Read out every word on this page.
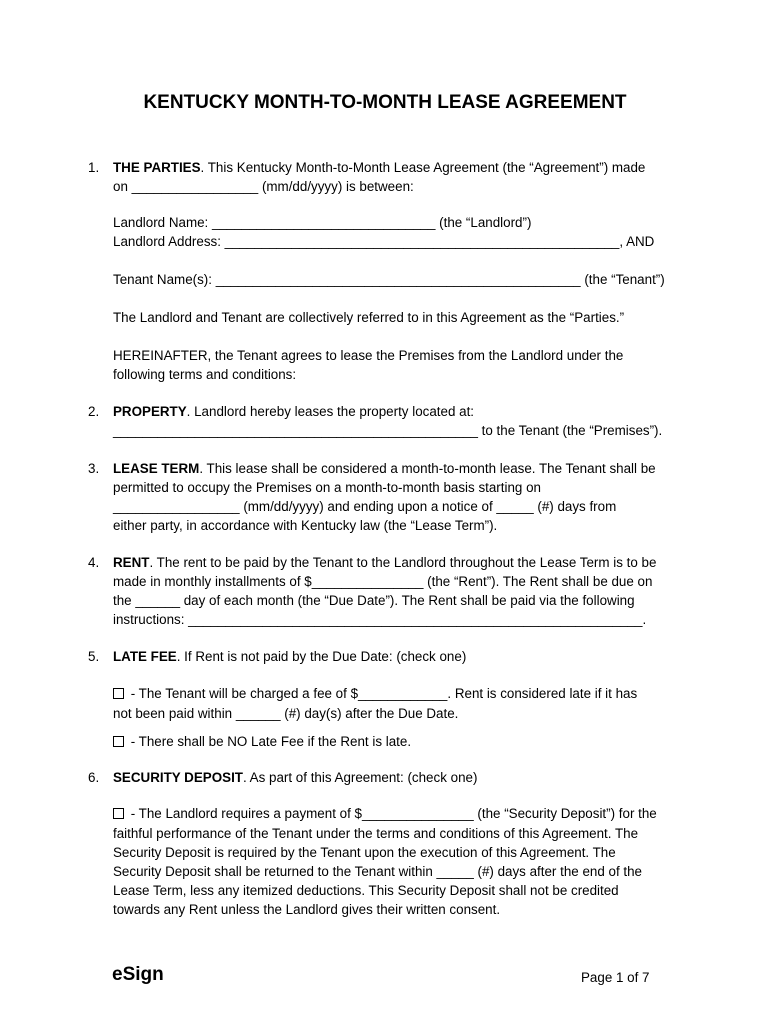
KENTUCKY MONTH-TO-MONTH LEASE AGREEMENT
1. THE PARTIES. This Kentucky Month-to-Month Lease Agreement (the “Agreement”) made
on _________________ (mm/dd/yyyy) is between:
Landlord Name: ______________________________ (the “Landlord”)
Landlord Address: _____________________________________________________, AND
Tenant Name(s): _________________________________________________ (the “Tenant”)
The Landlord and Tenant are collectively referred to in this Agreement as the “Parties.”
HEREINAFTER, the Tenant agrees to lease the Premises from the Landlord under the
following terms and conditions:
2. PROPERTY. Landlord hereby leases the property located at:
_________________________________________________ to the Tenant (the “Premises”).
3. LEASE TERM. This lease shall be considered a month-to-month lease. The Tenant shall be
permitted to occupy the Premises on a month-to-month basis starting on
_________________ (mm/dd/yyyy) and ending upon a notice of _____ (#) days from
either party, in accordance with Kentucky law (the “Lease Term”).
4. RENT. The rent to be paid by the Tenant to the Landlord throughout the Lease Term is to be
made in monthly installments of $_______________ (the “Rent”). The Rent shall be due on
the ______ day of each month (the “Due Date”). The Rent shall be paid via the following
instructions: _____________________________________________________________.
5. LATE FEE. If Rent is not paid by the Due Date: (check one)
- The Tenant will be charged a fee of $____________. Rent is considered late if it has
not been paid within ______ (#) day(s) after the Due Date.
- There shall be NO Late Fee if the Rent is late.
6. SECURITY DEPOSIT. As part of this Agreement: (check one)
- The Landlord requires a payment of $_______________ (the “Security Deposit”) for the
faithful performance of the Tenant under the terms and conditions of this Agreement. The
Security Deposit is required by the Tenant upon the execution of this Agreement. The
Security Deposit shall be returned to the Tenant within _____ (#) days after the end of the
Lease Term, less any itemized deductions. This Security Deposit shall not be credited
towards any Rent unless the Landlord gives their written consent.
eSign	Page 1 of 7
